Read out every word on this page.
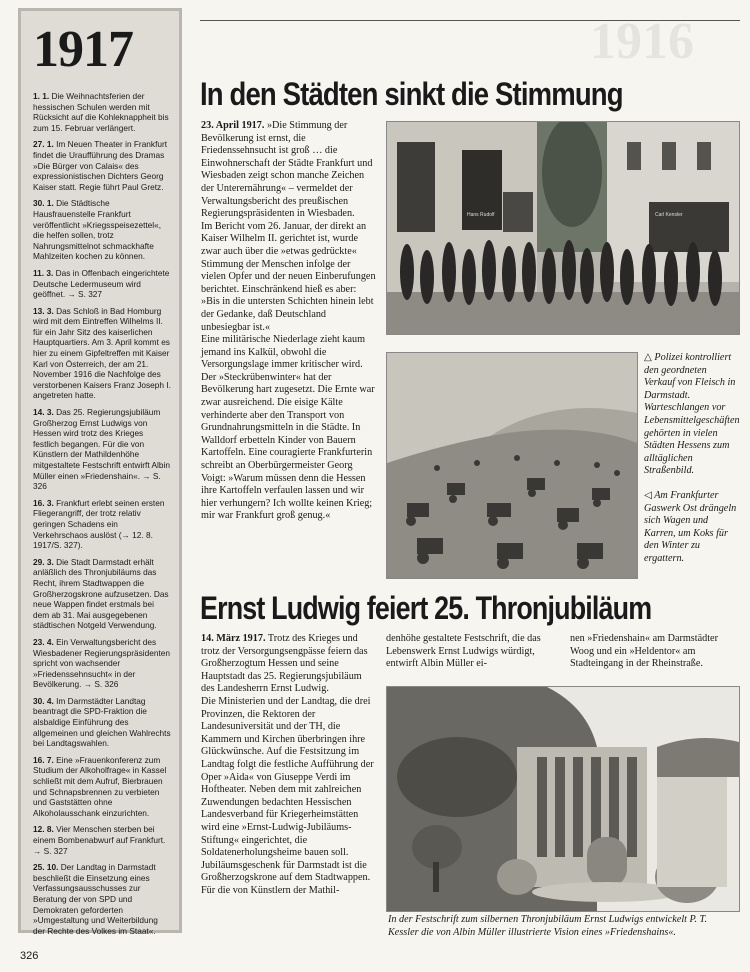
1917

1. 1. Die Weihnachtsferien der hessischen Schulen werden mit Rücksicht auf die Kohleknappheit bis zum 15. Februar verlängert.

27. 1. Im Neuen Theater in Frankfurt findet die Uraufführung des Dramas »Die Bürger von Calais« des expressionistischen Dichters Georg Kaiser statt. Regie führt Paul Gretz.

30. 1. Die Städtische Hausfrauenstelle Frankfurt veröffentlicht »Kriegsspeisezettel«, die helfen sollen, trotz Nahrungsmittelnot schmackhafte Mahlzeiten kochen zu können.

11. 3. Das in Offenbach eingerichtete Deutsche Ledermuseum wird geöffnet. → S. 327

13. 3. Das Schloß in Bad Homburg wird mit dem Eintreffen Wilhelms II. für ein Jahr Sitz des kaiserlichen Hauptquartiers. Am 3. April kommt es hier zu einem Gipfeltreffen mit Kaiser Karl von Österreich, der am 21. November 1916 die Nachfolge des verstorbenen Kaisers Franz Joseph I. angetreten hatte.

14. 3. Das 25. Regierungsjubiläum Großherzog Ernst Ludwigs von Hessen wird trotz des Krieges festlich begangen. Für die von Künstlern der Mathildenhöhe mitgestaltete Festschrift entwirft Albin Müller einen »Friedenshain«. → S. 326

16. 3. Frankfurt erlebt seinen ersten Fliegerangriff, der trotz relativ geringen Schadens ein Verkehrschaos auslöst (→ 12. 8. 1917/S. 327).

29. 3. Die Stadt Darmstadt erhält anläßlich des Thronjubiläums das Recht, ihrem Stadtwappen die Großherzogskrone aufzusetzen. Das neue Wappen findet erstmals bei dem ab 31. Mai ausgegebenen städtischen Notgeld Verwendung.

23. 4. Ein Verwaltungsbericht des Wiesbadener Regierungspräsidenten spricht von wachsender »Friedenssehnsucht« in der Bevölkerung. → S. 326

30. 4. Im Darmstädter Landtag beantragt die SPD-Fraktion die alsbaldige Einführung des allgemeinen und gleichen Wahlrechts bei Landtagswahlen.

16. 7. Eine »Frauenkonferenz zum Studium der Alkoholfrage« in Kassel schließt mit dem Aufruf, Bierbrauen und Schnapsbrennen zu verbieten und Gaststätten ohne Alkoholausschank einzurichten.

12. 8. Vier Menschen sterben bei einem Bombenabwurf auf Frankfurt. → S. 327

25. 10. Der Landtag in Darmstadt beschließt die Einsetzung eines Verfassungsausschusses zur Beratung der von SPD und Demokraten geforderten »Umgestaltung und Weiterbildung der Rechte des Volkes im Staat«.

326
1916
In den Städten sinkt die Stimmung

23. April 1917. »Die Stimmung der Bevölkerung ist ernst, die Friedenssehnsucht ist groß … die Einwohnerschaft der Städte Frankfurt und Wiesbaden zeigt schon manche Zeichen der Unterernährung« – vermeldet der Verwaltungsbericht des preußischen Regierungspräsidenten in Wiesbaden.

Im Bericht vom 26. Januar, der direkt an Kaiser Wilhelm II. gerichtet ist, wurde zwar auch über die »etwas gedrückte« Stimmung der Menschen infolge der vielen Opfer und der neuen Einberufungen berichtet. Einschränkend hieß es aber: »Bis in die untersten Schichten hinein lebt der Gedanke, daß Deutschland unbesiegbar ist.«

Eine militärische Niederlage zieht kaum jemand ins Kalkül, obwohl die Versorgungslage immer kritischer wird. Der »Steckrübenwinter« hat der Bevölkerung hart zugesetzt. Die Ernte war zwar ausreichend. Die eisige Kälte verhinderte aber den Transport von Grundnahrungsmitteln in die Städte. In Walldorf erbetteln Kinder von Bauern Kartoffeln. Eine couragierte Frankfurterin schreibt an Oberbürgermeister Georg Voigt: »Warum müssen denn die Hessen ihre Kartoffeln verfaulen lassen und wir hier verhungern? Ich wollte keinen Krieg; mir war Frankfurt groß genug.«

Hans Rudolf	Carl Kensler
△ Polizei kontrolliert den geordneten Verkauf von Fleisch in Darmstadt. Warteschlangen vor Lebensmittelgeschäften gehörten in vielen Städten Hessens zum alltäglichen Straßenbild.
◁ Am Frankfurter Gaswerk Ost drängeln sich Wagen und Karren, um Koks für den Winter zu ergattern.
Ernst Ludwig feiert 25. Thronjubiläum

14. März 1917. Trotz des Krieges und trotz der Versorgungsengpässe feiern das Großherzogtum Hessen und seine Hauptstadt das 25. Regierungsjubiläum des Landesherrn Ernst Ludwig.

Die Ministerien und der Landtag, die drei Provinzen, die Rektoren der Landesuniversität und der TH, die Kammern und Kirchen überbringen ihre Glückwünsche. Auf die Festsitzung im Landtag folgt die festliche Aufführung der Oper »Aida« von Giuseppe Verdi im Hoftheater. Neben dem mit zahlreichen Zuwendungen bedachten Hessischen Landesverband für Kriegerheimstätten wird eine »Ernst-Ludwig-Jubiläums-Stiftung« eingerichtet, die Soldatenerholungsheime bauen soll. Jubiläumsgeschenk für Darmstadt ist die Großherzogskrone auf dem Stadtwappen.

Für die von Künstlern der Mathil-

denhöhe gestaltete Festschrift, die das Lebenswerk Ernst Ludwigs würdigt, entwirft Albin Müller ei-
nen »Friedenshain« am Darmstädter Woog und ein »Heldentor« am Stadteingang in der Rheinstraße.
In der Festschrift zum silbernen Thronjubiläum Ernst Ludwigs entwickelt P. T. Kessler die von Albin Müller illustrierte Vision eines »Friedenshains«.
